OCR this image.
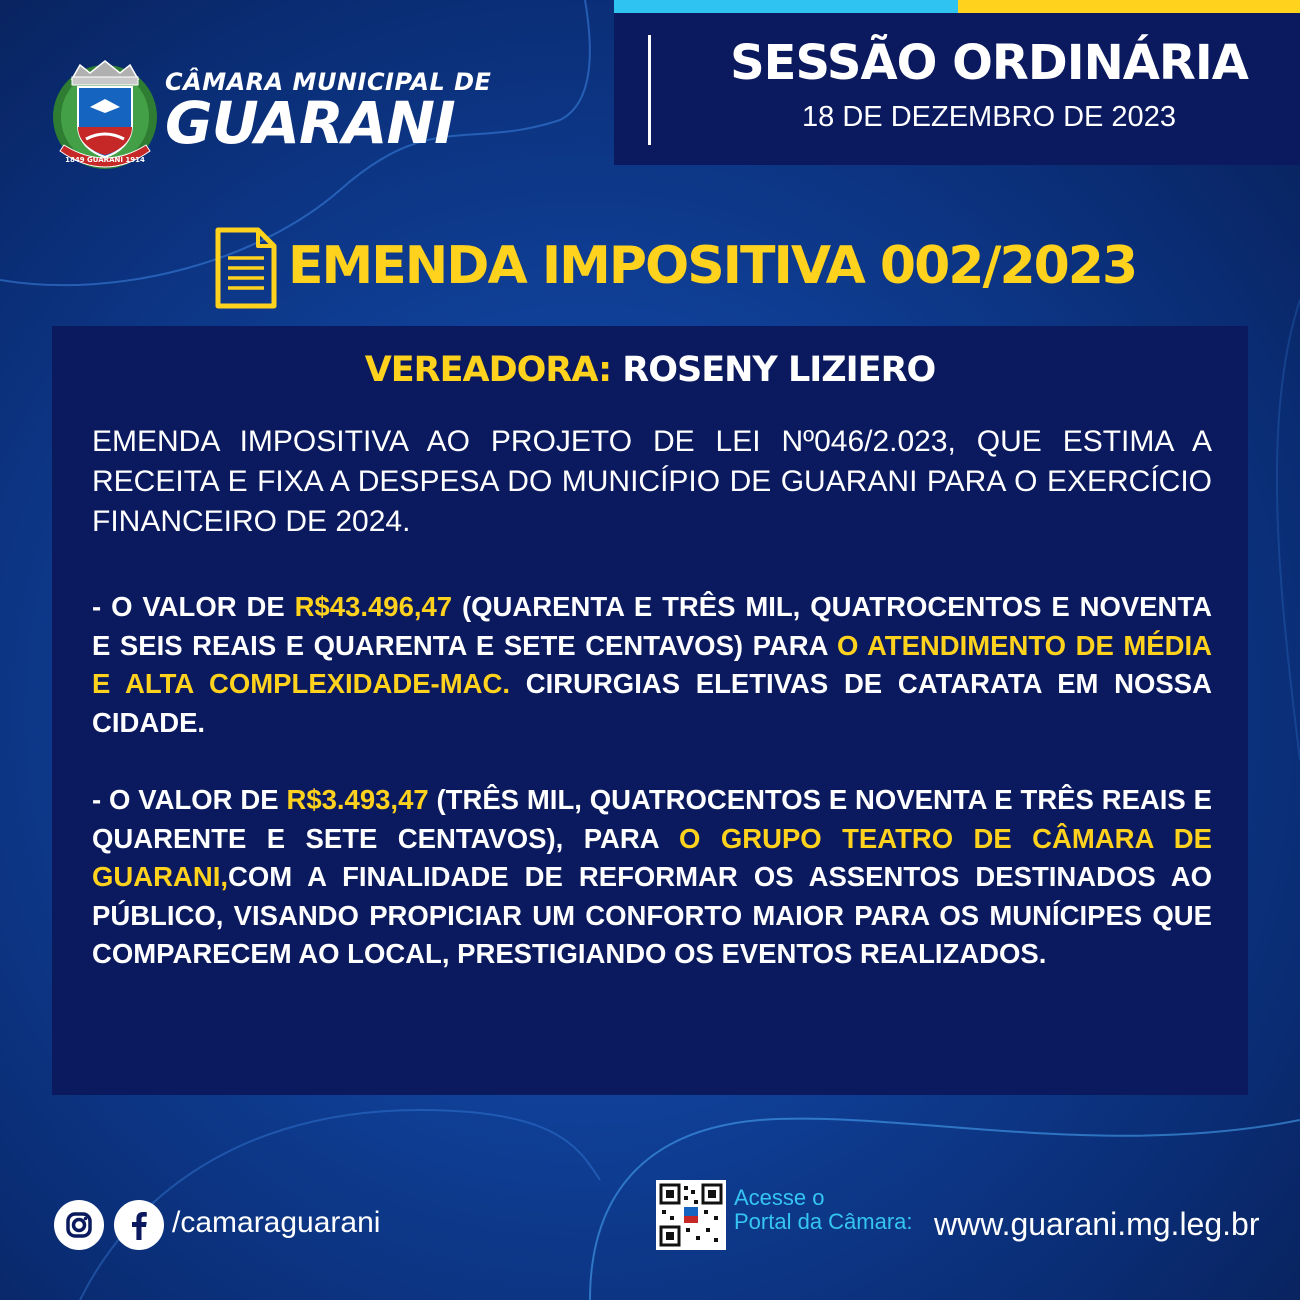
1849 GUARANI 1914
CÂMARA MUNICIPAL DE
GUARANI
SESSÃO ORDINÁRIA
18 DE DEZEMBRO DE 2023
EMENDA IMPOSITIVA 002/2023
VEREADORA: ROSENY LIZIERO
EMENDA IMPOSITIVA AO PROJETO DE LEI Nº046/2.023, QUE ESTIMA A RECEITA E FIXA A DESPESA DO MUNICÍPIO DE GUARANI PARA O EXERCÍCIO FINANCEIRO DE 2024.
- O VALOR DE R$43.496,47 (QUARENTA E TRÊS MIL, QUATROCENTOS E NOVENTA E SEIS REAIS E QUARENTA E SETE CENTAVOS) PARA O ATENDIMENTO DE MÉDIA E ALTA COMPLEXIDADE-MAC. CIRURGIAS ELETIVAS DE CATARATA EM NOSSA CIDADE.
- O VALOR DE R$3.493,47 (TRÊS MIL, QUATROCENTOS E NOVENTA E TRÊS REAIS E QUARENTE E SETE CENTAVOS), PARA O GRUPO TEATRO DE CÂMARA DE GUARANI,COM A FINALIDADE DE REFORMAR OS ASSENTOS DESTINADOS AO PÚBLICO, VISANDO PROPICIAR UM CONFORTO MAIOR PARA OS MUNÍCIPES QUE COMPARECEM AO LOCAL, PRESTIGIANDO OS EVENTOS REALIZADOS.
/camaraguarani
Acesse o
Portal da Câmara: www.guarani.mg.leg.br
